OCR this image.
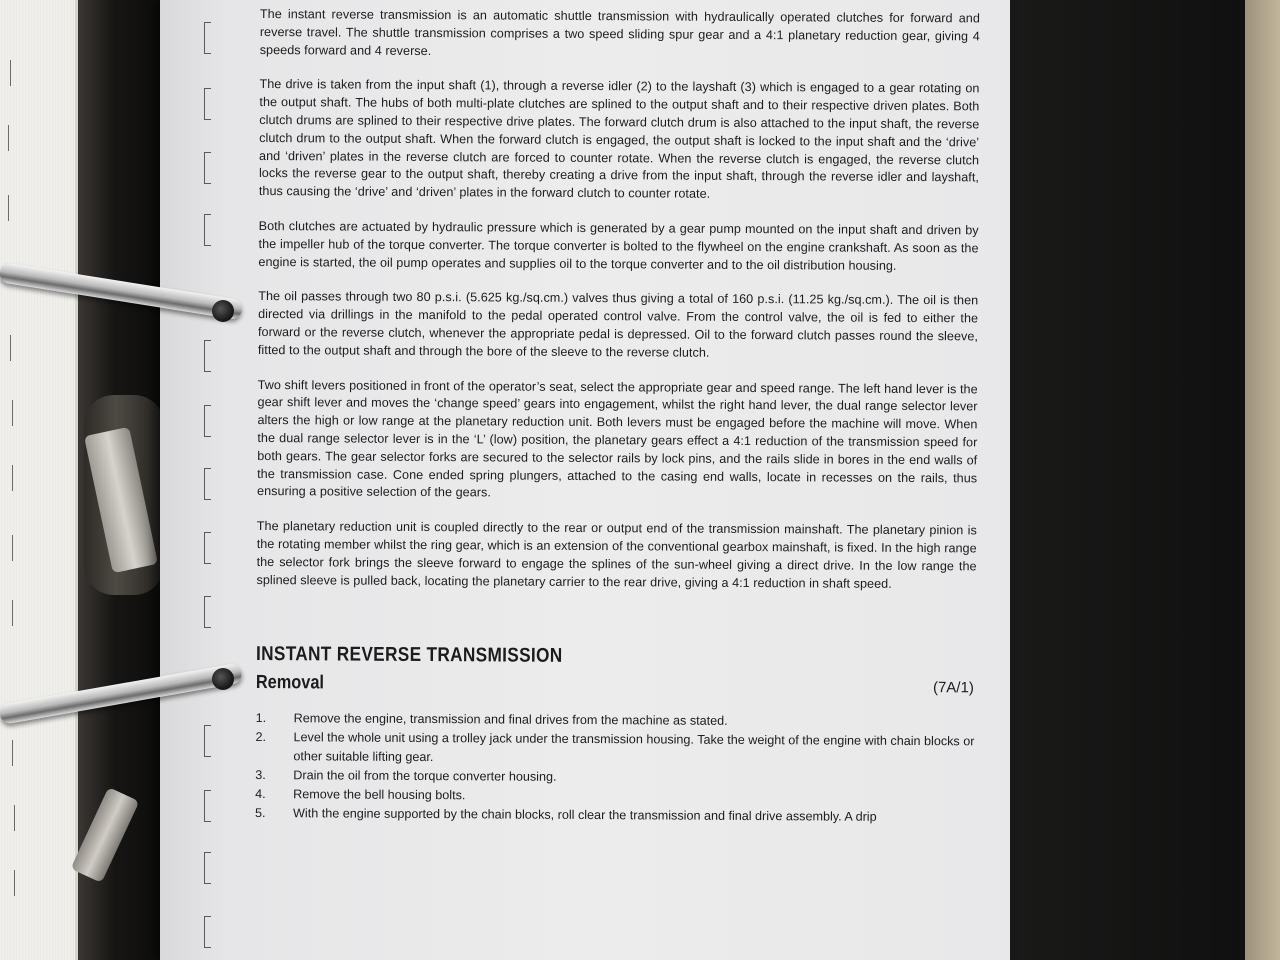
The instant reverse transmission is an automatic shuttle transmission with hydraulically operated clutches for forward and reverse travel. The shuttle transmission comprises a two speed sliding spur gear and a 4:1 planetary reduction gear, giving 4 speeds forward and 4 reverse.

The drive is taken from the input shaft (1), through a reverse idler (2) to the layshaft (3) which is engaged to a gear rotating on the output shaft. The hubs of both multi-plate clutches are splined to the output shaft and to their respective driven plates. Both clutch drums are splined to their respective drive plates. The forward clutch drum is also attached to the input shaft, the reverse clutch drum to the output shaft. When the forward clutch is engaged, the output shaft is locked to the input shaft and the ‘drive’ and ‘driven’ plates in the reverse clutch are forced to counter rotate. When the reverse clutch is engaged, the reverse clutch locks the reverse gear to the output shaft, thereby creating a drive from the input shaft, through the reverse idler and layshaft, thus causing the ‘drive’ and ‘driven’ plates in the forward clutch to counter rotate.

Both clutches are actuated by hydraulic pressure which is generated by a gear pump mounted on the input shaft and driven by the impeller hub of the torque converter. The torque converter is bolted to the flywheel on the engine crankshaft. As soon as the engine is started, the oil pump operates and supplies oil to the torque converter and to the oil distribution housing.

The oil passes through two 80 p.s.i. (5.625 kg./sq.cm.) valves thus giving a total of 160 p.s.i. (11.25 kg./sq.cm.). The oil is then directed via drillings in the manifold to the pedal operated control valve. From the control valve, the oil is fed to either the forward or the reverse clutch, whenever the appropriate pedal is depressed. Oil to the forward clutch passes round the sleeve, fitted to the output shaft and through the bore of the sleeve to the reverse clutch.

Two shift levers positioned in front of the operator’s seat, select the appropriate gear and speed range. The left hand lever is the gear shift lever and moves the ‘change speed’ gears into engagement, whilst the right hand lever, the dual range selector lever alters the high or low range at the planetary reduction unit. Both levers must be engaged before the machine will move. When the dual range selector lever is in the ‘L’ (low) position, the planetary gears effect a 4:1 reduction of the transmission speed for both gears. The gear selector forks are secured to the selector rails by lock pins, and the rails slide in bores in the end walls of the transmission case. Cone ended spring plungers, attached to the casing end walls, locate in recesses on the rails, thus ensuring a positive selection of the gears.

The planetary reduction unit is coupled directly to the rear or output end of the transmission mainshaft. The planetary pinion is the rotating member whilst the ring gear, which is an extension of the conventional gearbox mainshaft, is fixed. In the high range the selector fork brings the sleeve forward to engage the splines of the sun-wheel giving a direct drive. In the low range the splined sleeve is pulled back, locating the planetary carrier to the rear drive, giving a 4:1 reduction in shaft speed.

INSTANT REVERSE TRANSMISSION
Removal	(7A/1)
1.	Remove the engine, transmission and final drives from the machine as stated.
2.	Level the whole unit using a trolley jack under the transmission housing. Take the weight of the engine with chain blocks or other suitable lifting gear.
3.	Drain the oil from the torque converter housing.
4.	Remove the bell housing bolts.
5.	With the engine supported by the chain blocks, roll clear the transmission and final drive assembly. A drip
